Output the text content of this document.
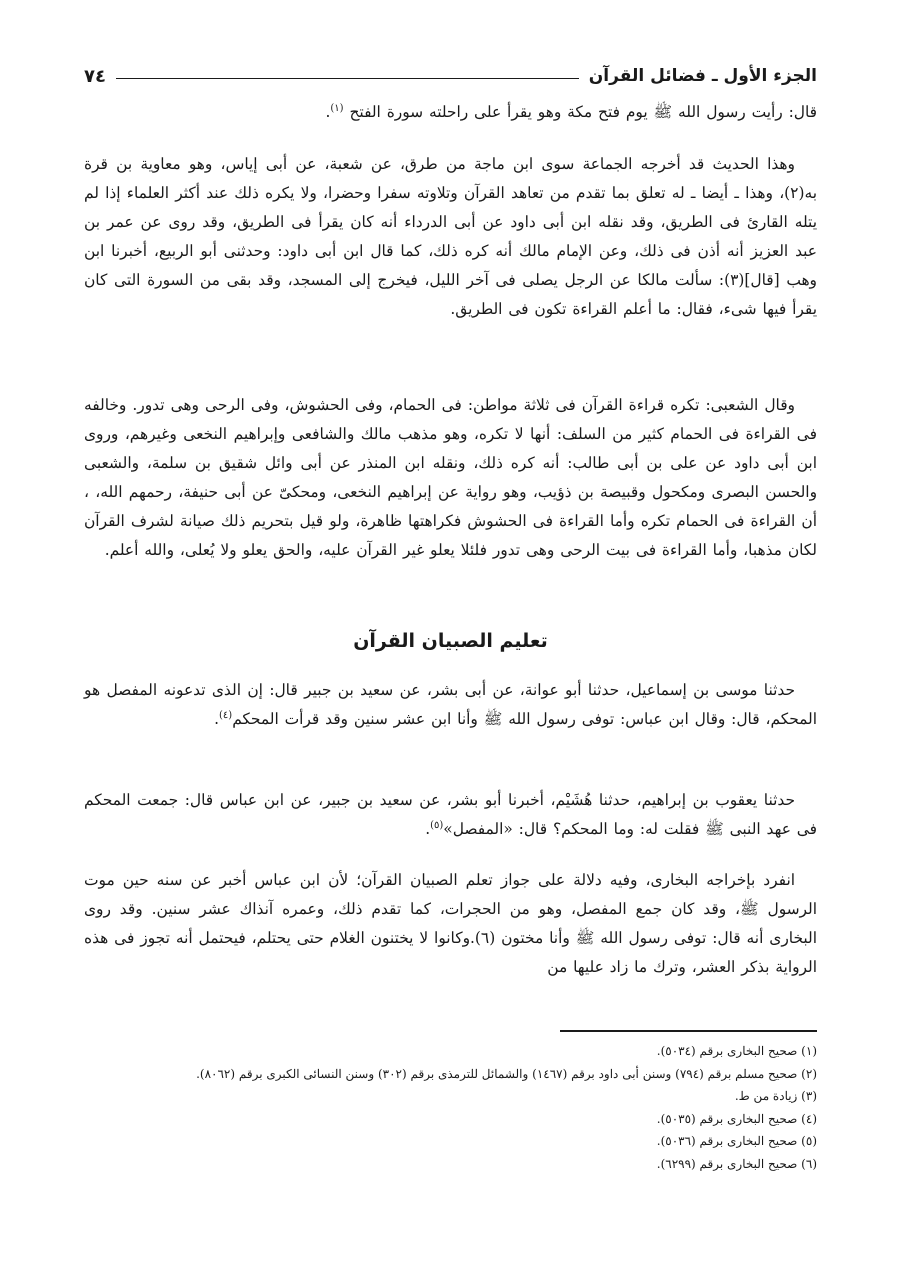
الجزء الأول ـ فضائل القرآن
٧٤

قال: رأيت رسول الله ﷺ يوم فتح مكة وهو يقرأ على راحلته سورة الفتح $^{(١)}$.

وهذا الحديث قد أخرجه الجماعة سوى ابن ماجة من طرق، عن شعبة، عن أبى إياس، وهو معاوية بن قرة به(٢)، وهذا ـ أيضا ـ له تعلق بما تقدم من تعاهد القرآن وتلاوته سفرا وحضرا، ولا يكره ذلك عند أكثر العلماء إذا لم يتله القارئ فى الطريق، وقد نقله ابن أبى داود عن أبى الدرداء أنه كان يقرأ فى الطريق، وقد روى عن عمر بن عبد العزيز أنه أذن فى ذلك، وعن الإمام مالك أنه كره ذلك، كما قال ابن أبى داود: وحدثنى أبو الربيع، أخبرنا ابن وهب [قال](٣): سألت مالكا عن الرجل يصلى فى آخر الليل، فيخرج إلى المسجد، وقد بقى من السورة التى كان يقرأ فيها شىء، فقال: ما أعلم القراءة تكون فى الطريق.

وقال الشعبى: تكره قراءة القرآن فى ثلاثة مواطن: فى الحمام، وفى الحشوش، وفى الرحى وهى تدور. وخالفه فى القراءة فى الحمام كثير من السلف: أنها لا تكره، وهو مذهب مالك والشافعى وإبراهيم النخعى وغيرهم، وروى ابن أبى داود عن على بن أبى طالب: أنه كره ذلك، ونقله ابن المنذر عن أبى وائل شقيق بن سلمة، والشعبى والحسن البصرى ومكحول وقبيصة بن ذؤيب، وهو رواية عن إبراهيم النخعى، ومحكىّ عن أبى حنيفة، رحمهم الله، ، أن القراءة فى الحمام تكره وأما القراءة فى الحشوش فكراهتها ظاهرة، ولو قيل بتحريم ذلك صيانة لشرف القرآن لكان مذهبا، وأما القراءة فى بيت الرحى وهى تدور فلئلا يعلو غير القرآن عليه، والحق يعلو ولا يُعلى، والله أعلم.

تعليم الصبيان القرآن

حدثنا موسى بن إسماعيل، حدثنا أبو عوانة، عن أبى بشر، عن سعيد بن جبير قال: إن الذى تدعونه المفصل هو المحكم، قال: وقال ابن عباس: توفى رسول الله ﷺ وأنا ابن عشر سنين وقد قرأت المحكم$^{(٤)}$.

حدثنا يعقوب بن إبراهيم، حدثنا هُشَيْم، أخبرنا أبو بشر، عن سعيد بن جبير، عن ابن عباس قال: جمعت المحكم فى عهد النبى ﷺ فقلت له: وما المحكم؟ قال: «المفصل»$^{(٥)}$.

انفرد بإخراجه البخارى، وفيه دلالة على جواز تعلم الصبيان القرآن؛ لأن ابن عباس أخبر عن سنه حين موت الرسول ﷺ، وقد كان جمع المفصل، وهو من الحجرات، كما تقدم ذلك، وعمره آنذاك عشر سنين. وقد روى البخارى أنه قال: توفى رسول الله ﷺ وأنا مختون (٦).وكانوا لا يختنون الغلام حتى يحتلم، فيحتمل أنه تجوز فى هذه الرواية بذكر العشر، وترك ما زاد عليها من

(١) صحيح البخارى برقم (٥٠٣٤).
(٢) صحيح مسلم برقم (٧٩٤) وسنن أبى داود برقم (١٤٦٧) والشمائل للترمذى برقم (٣٠٢) وسنن النسائى الكبرى برقم (٨٠٦٢).
(٣) زيادة من ط.
(٤) صحيح البخارى برقم (٥٠٣٥).
(٥) صحيح البخارى برقم (٥٠٣٦).
(٦) صحيح البخارى برقم (٦٢٩٩).
